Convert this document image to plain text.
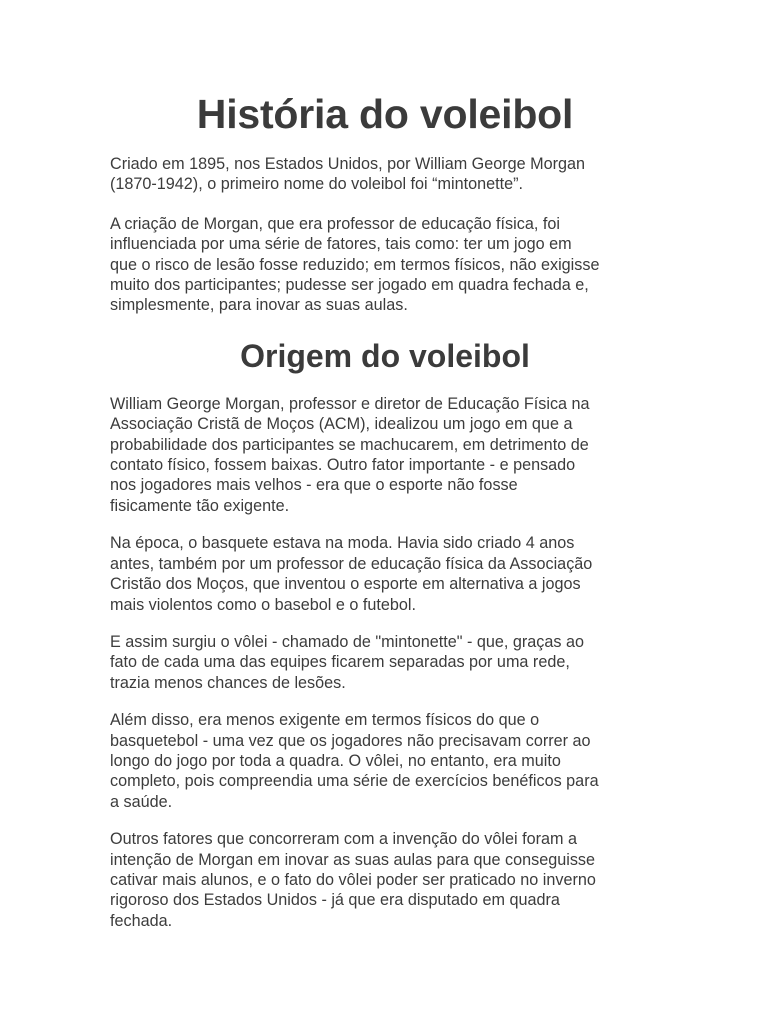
História do voleibol

Criado em 1895, nos Estados Unidos, por William George Morgan
(1870-1942), o primeiro nome do voleibol foi “mintonette”.

A criação de Morgan, que era professor de educação física, foi
influenciada por uma série de fatores, tais como: ter um jogo em
que o risco de lesão fosse reduzido; em termos físicos, não exigisse
muito dos participantes; pudesse ser jogado em quadra fechada e,
simplesmente, para inovar as suas aulas.

Origem do voleibol

William George Morgan, professor e diretor de Educação Física na
Associação Cristã de Moços (ACM), idealizou um jogo em que a
probabilidade dos participantes se machucarem, em detrimento de
contato físico, fossem baixas. Outro fator importante - e pensado
nos jogadores mais velhos - era que o esporte não fosse
fisicamente tão exigente.

Na época, o basquete estava na moda. Havia sido criado 4 anos
antes, também por um professor de educação física da Associação
Cristão dos Moços, que inventou o esporte em alternativa a jogos
mais violentos como o basebol e o futebol.

E assim surgiu o vôlei - chamado de "mintonette" - que, graças ao
fato de cada uma das equipes ficarem separadas por uma rede,
trazia menos chances de lesões.

Além disso, era menos exigente em termos físicos do que o
basquetebol - uma vez que os jogadores não precisavam correr ao
longo do jogo por toda a quadra. O vôlei, no entanto, era muito
completo, pois compreendia uma série de exercícios benéficos para
a saúde.

Outros fatores que concorreram com a invenção do vôlei foram a
intenção de Morgan em inovar as suas aulas para que conseguisse
cativar mais alunos, e o fato do vôlei poder ser praticado no inverno
rigoroso dos Estados Unidos - já que era disputado em quadra
fechada.
